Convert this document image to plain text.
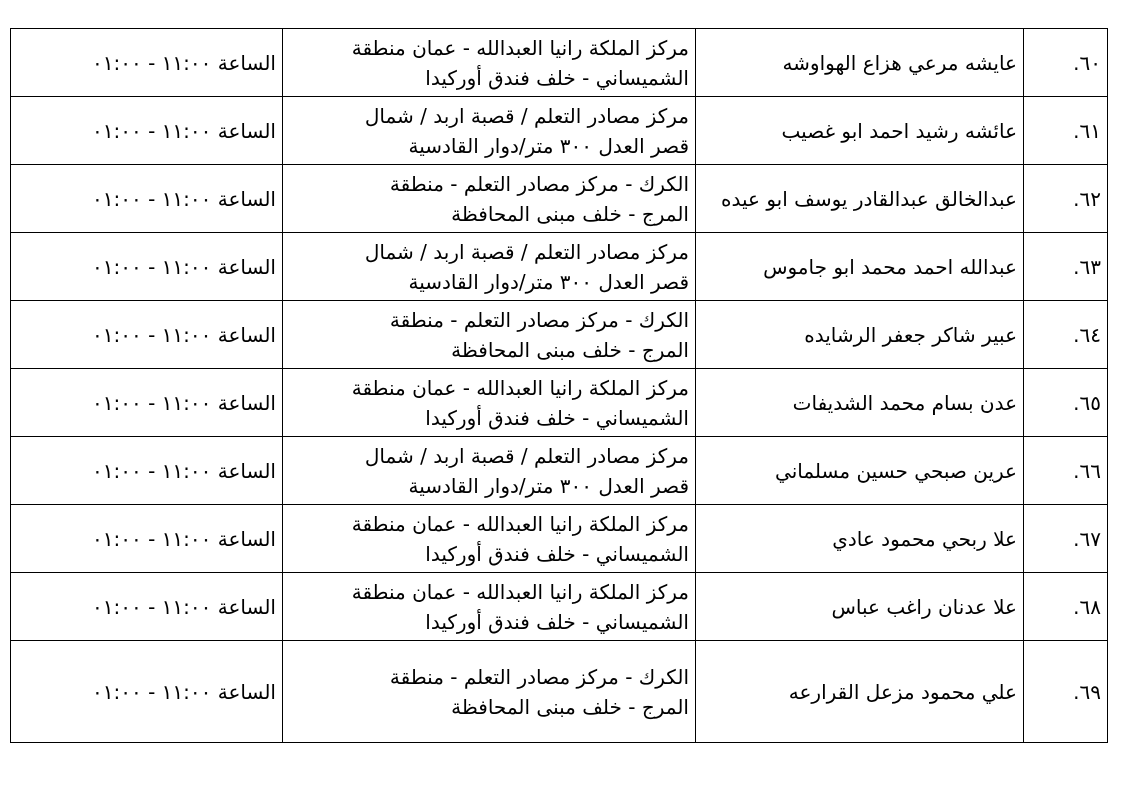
٦٠.	عايشه مرعي هزاع الهواوشه	مركز الملكة رانيا العبدالله - عمان منطقة
الشميساني - خلف فندق أوركيدا	الساعة ١١:٠٠ - ٠١:٠٠
٦١.	عائشه رشيد احمد ابو غصيب	مركز مصادر التعلم / قصبة اربد / شمال
قصر العدل ٣٠٠ متر/دوار القادسية	الساعة ١١:٠٠ - ٠١:٠٠
٦٢.	عبدالخالق عبدالقادر يوسف ابو عيده	الكرك - مركز مصادر التعلم - منطقة
المرج - خلف مبنى المحافظة	الساعة ١١:٠٠ - ٠١:٠٠
٦٣.	عبدالله احمد محمد ابو جاموس	مركز مصادر التعلم / قصبة اربد / شمال
قصر العدل ٣٠٠ متر/دوار القادسية	الساعة ١١:٠٠ - ٠١:٠٠
٦٤.	عبير شاكر جعفر الرشايده	الكرك - مركز مصادر التعلم - منطقة
المرج - خلف مبنى المحافظة	الساعة ١١:٠٠ - ٠١:٠٠
٦٥.	عدن بسام محمد الشديفات	مركز الملكة رانيا العبدالله - عمان منطقة
الشميساني - خلف فندق أوركيدا	الساعة ١١:٠٠ - ٠١:٠٠
٦٦.	عرين صبحي حسين مسلماني	مركز مصادر التعلم / قصبة اربد / شمال
قصر العدل ٣٠٠ متر/دوار القادسية	الساعة ١١:٠٠ - ٠١:٠٠
٦٧.	علا ربحي محمود عادي	مركز الملكة رانيا العبدالله - عمان منطقة
الشميساني - خلف فندق أوركيدا	الساعة ١١:٠٠ - ٠١:٠٠
٦٨.	علا عدنان راغب عباس	مركز الملكة رانيا العبدالله - عمان منطقة
الشميساني - خلف فندق أوركيدا	الساعة ١١:٠٠ - ٠١:٠٠
٦٩.	علي محمود مزعل القرارعه	الكرك - مركز مصادر التعلم - منطقة
المرج - خلف مبنى المحافظة	الساعة ١١:٠٠ - ٠١:٠٠
